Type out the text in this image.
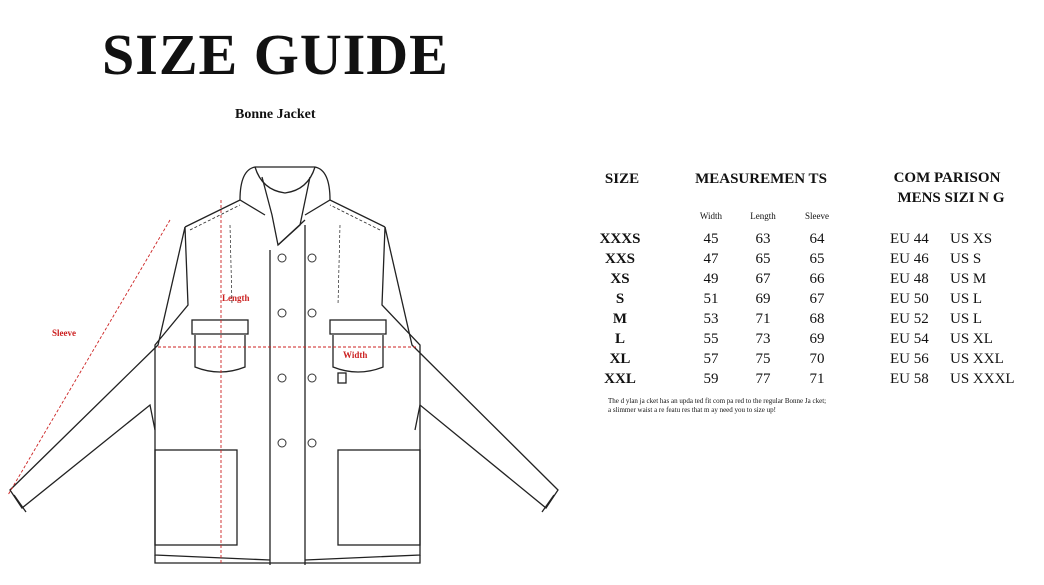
SIZE GUIDE
Bonne Jacket
Sleeve
Length
Width
SIZE	MEASUREMEN TS	COM PARISON
MENS SIZI N G
Width	Length	Sleeve
XXXS	45	63	64	EU 44	US XS
XXS	47	65	65	EU 46	US S
XS	49	67	66	EU 48	US M
S	51	69	67	EU 50	US L
M	53	71	68	EU 52	US L
L	55	73	69	EU 54	US XL
XL	57	75	70	EU 56	US XXL
XXL	59	77	71	EU 58	US XXXL
The d ylan ja cket has an upda ted fit com pa red to the regular Bonne Ja cket;
a slimmer waist a re featu res that m ay need you to size up!
